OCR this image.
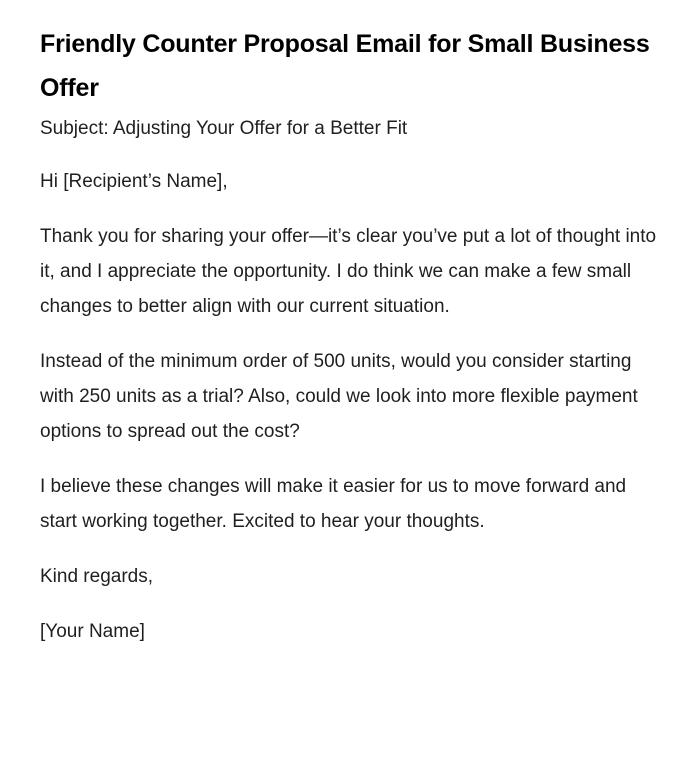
Friendly Counter Proposal Email for Small Business Offer

Subject: Adjusting Your Offer for a Better Fit

Hi [Recipient’s Name],

Thank you for sharing your offer—it’s clear you’ve put a lot of thought into it, and I appreciate the opportunity. I do think we can make a few small changes to better align with our current situation.

Instead of the minimum order of 500 units, would you consider starting with 250 units as a trial? Also, could we look into more flexible payment options to spread out the cost?

I believe these changes will make it easier for us to move forward and start working together. Excited to hear your thoughts.

Kind regards,

[Your Name]
